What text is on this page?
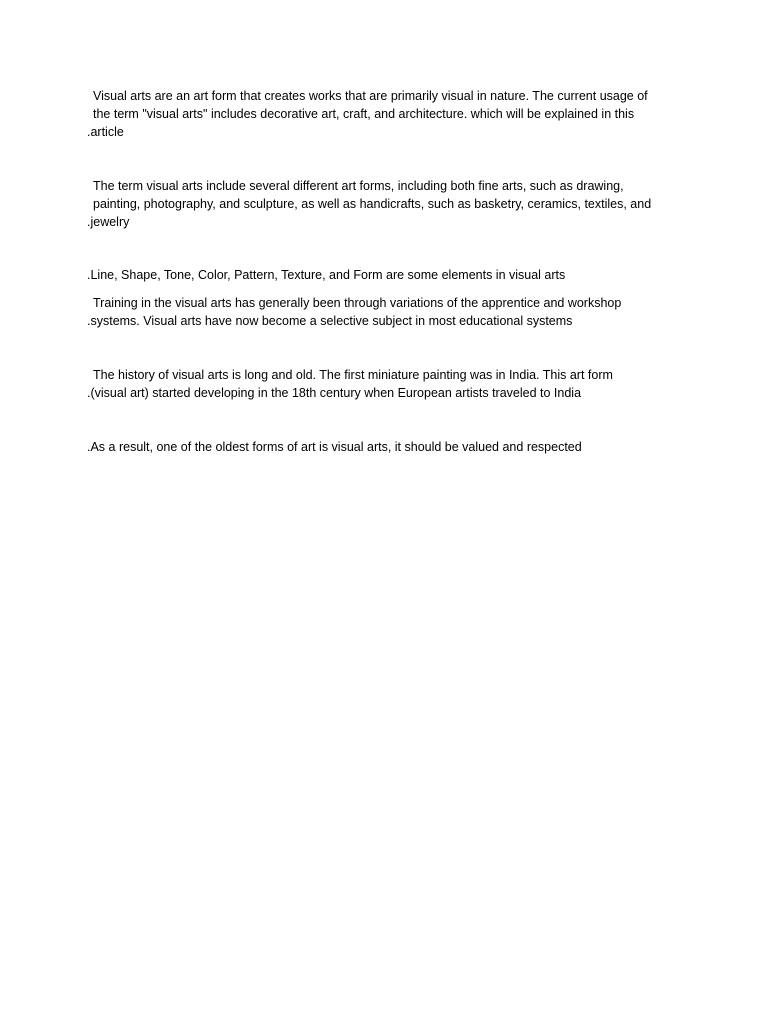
Visual arts are an art form that creates works that are primarily visual in nature. The current usage of
the term "visual arts" includes decorative art, craft, and architecture. which will be explained in this
.article
The term visual arts include several different art forms, including both fine arts, such as drawing,
painting, photography, and sculpture, as well as handicrafts, such as basketry, ceramics, textiles, and
.jewelry
.Line, Shape, Tone, Color, Pattern, Texture, and Form are some elements in visual arts
Training in the visual arts has generally been through variations of the apprentice and workshop
.systems. Visual arts have now become a selective subject in most educational systems
The history of visual arts is long and old. The first miniature painting was in India. This art form
.(visual art) started developing in the 18th century when European artists traveled to India
.As a result, one of the oldest forms of art is visual arts, it should be valued and respected
